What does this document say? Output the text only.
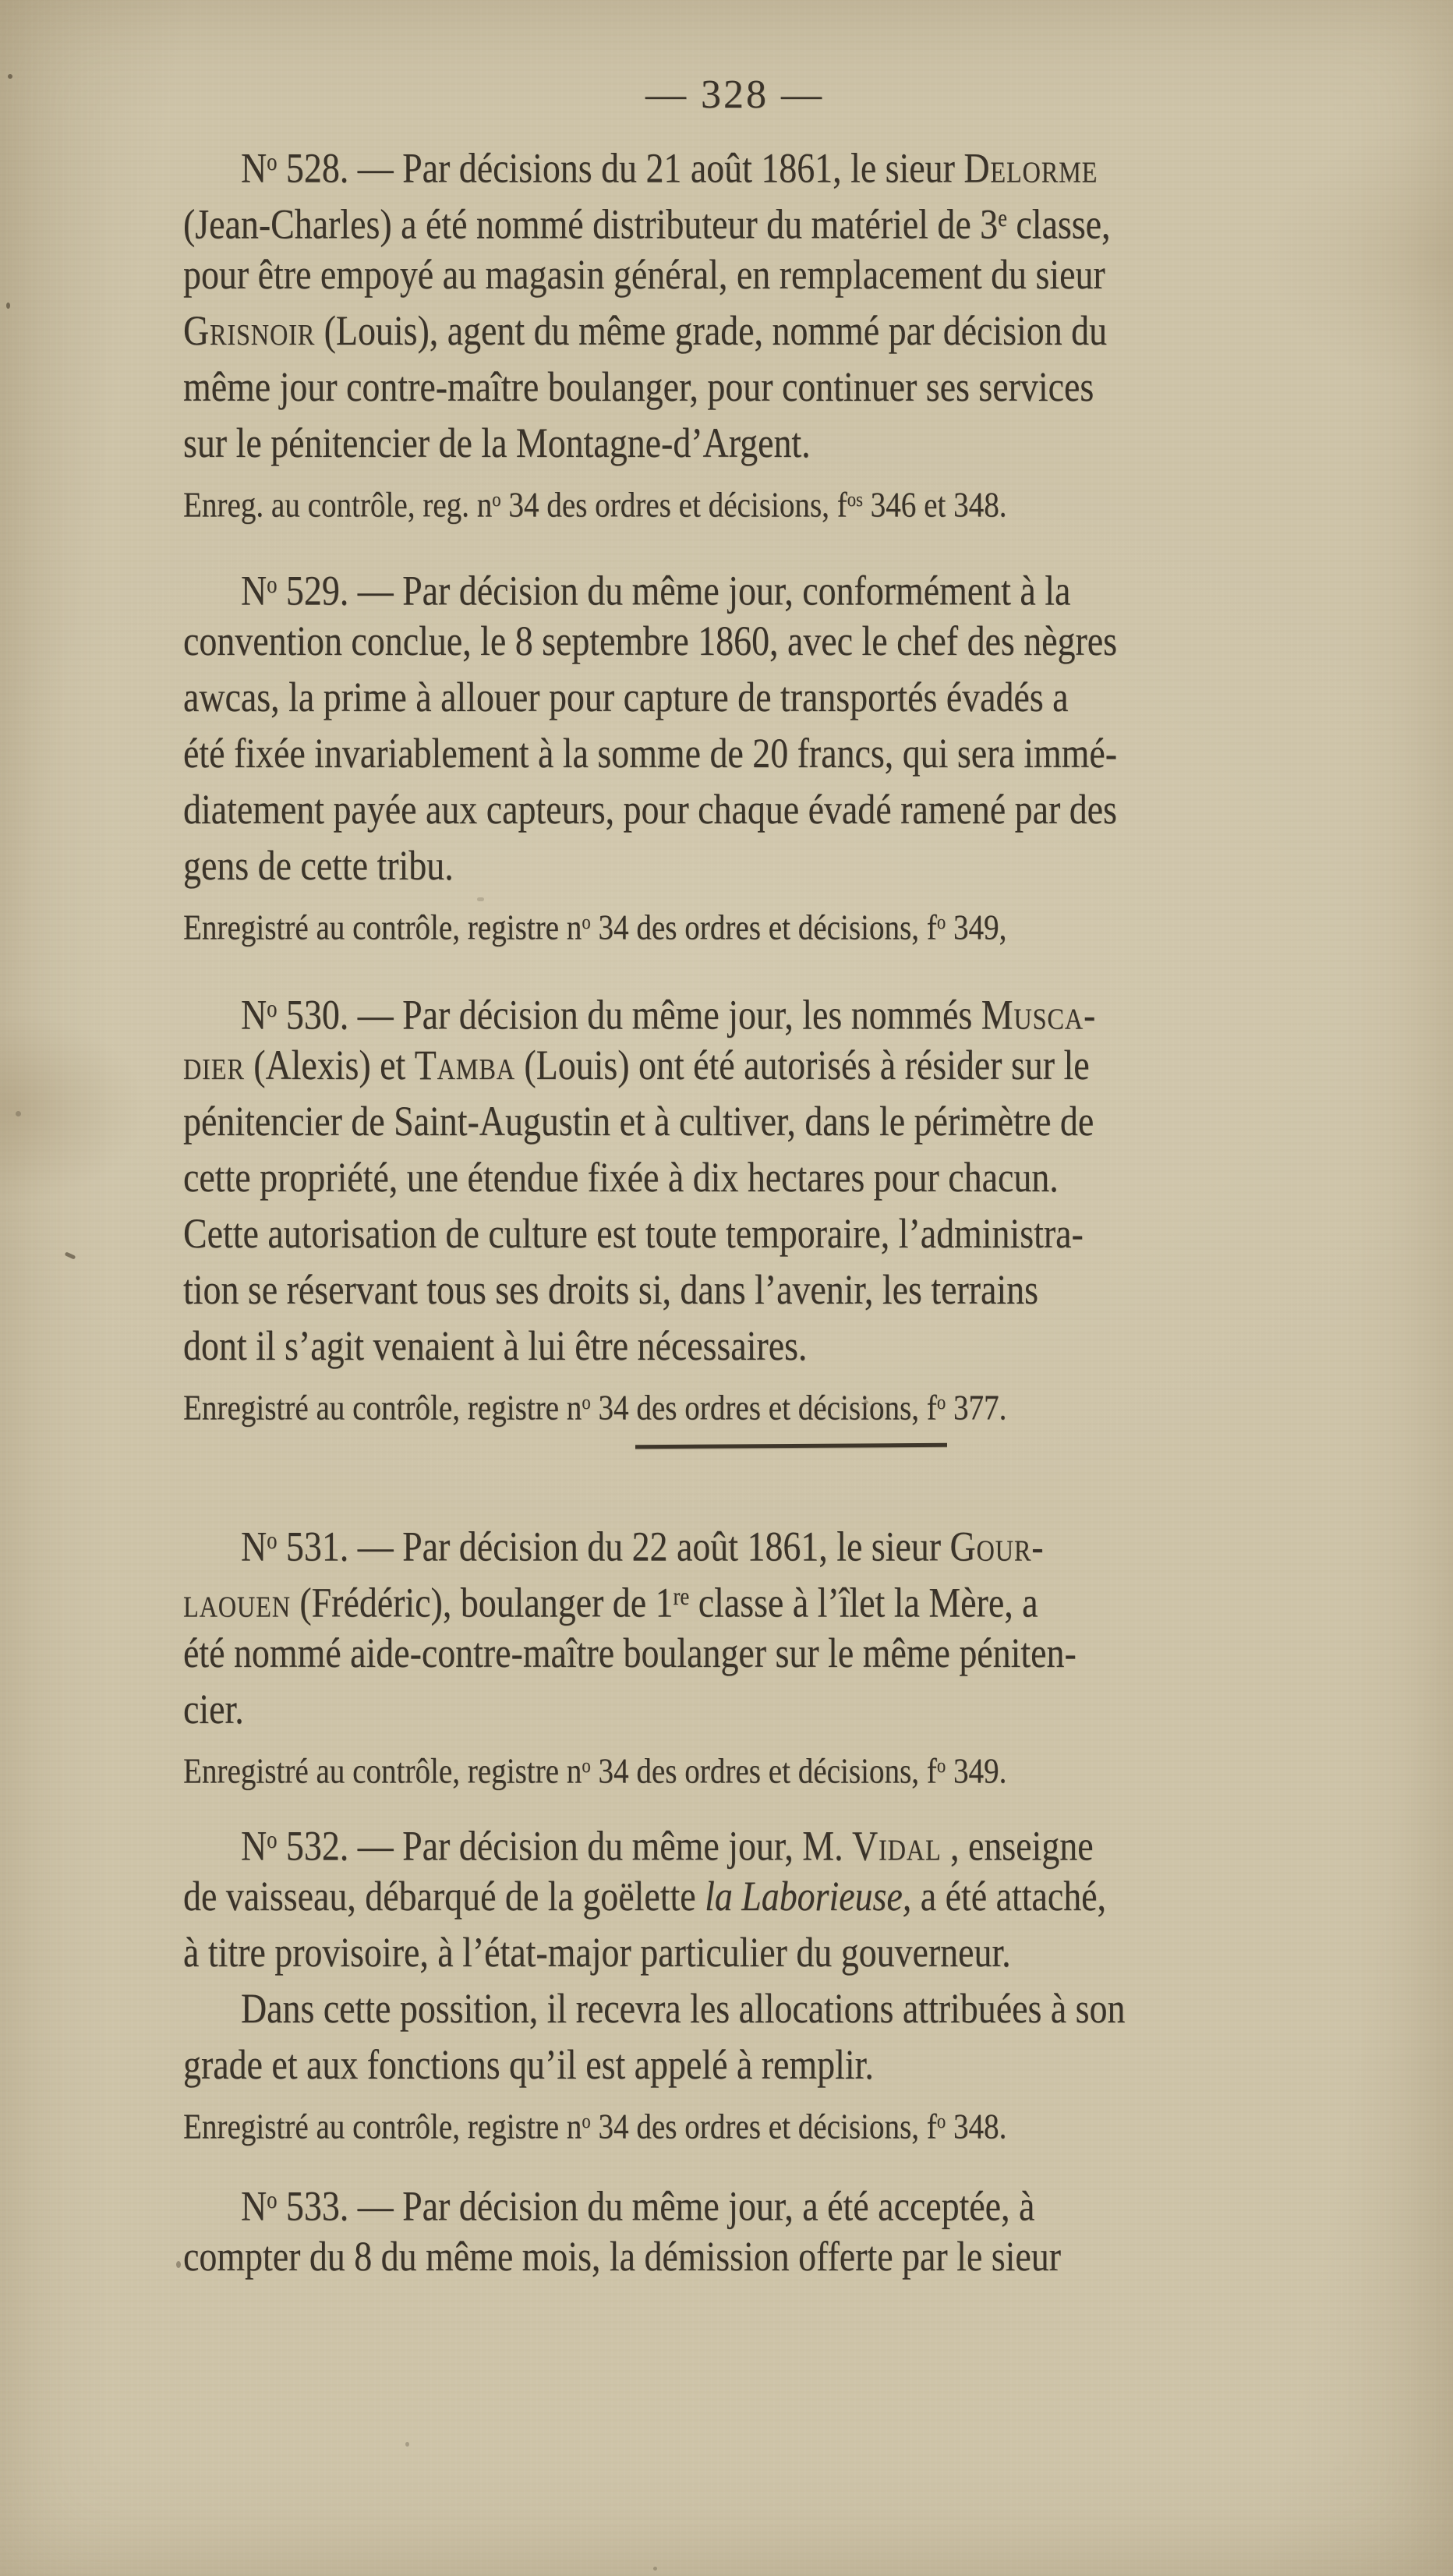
— 328 —
$N^o$ 528. — Par décisions du 21 août 1861, le sieur Delorme
(Jean-Charles) a été nommé distributeur du matériel de 3e classe,
pour être empoyé au magasin général, en remplacement du sieur
Grisnoir (Louis), agent du même grade, nommé par décision du
même jour contre-maître boulanger, pour continuer ses services
sur le pénitencier de la Montagne-d’Argent.
Enreg. au contrôle, reg. $n^o$ 34 des ordres et décisions, $f^{os}$ 346 et 348.
$N^o$ 529. — Par décision du même jour, conformément à la
convention conclue, le 8 septembre 1860, avec le chef des nègres
awcas, la prime à allouer pour capture de transportés évadés a
été fixée invariablement à la somme de 20 francs, qui sera immé-
diatement payée aux capteurs, pour chaque évadé ramené par des
gens de cette tribu.
Enregistré au contrôle, registre $n^o$ 34 des ordres et décisions, $f^o$ 349,
$N^o$ 530. — Par décision du même jour, les nommés Musca-
dier (Alexis) et Tamba (Louis) ont été autorisés à résider sur le
pénitencier de Saint-Augustin et à cultiver, dans le périmètre de
cette propriété, une étendue fixée à dix hectares pour chacun.
Cette autorisation de culture est toute temporaire, l’administra-
tion se réservant tous ses droits si, dans l’avenir, les terrains
dont il s’agit venaient à lui être nécessaires.
Enregistré au contrôle, registre $n^o$ 34 des ordres et décisions, $f^o$ 377.
$N^o$ 531. — Par décision du 22 août 1861, le sieur Gour-
laouen (Frédéric), boulanger de 1re classe à l’îlet la Mère, a
été nommé aide-contre-maître boulanger sur le même péniten-
cier.
Enregistré au contrôle, registre $n^o$ 34 des ordres et décisions, $f^o$ 349.
$N^o$ 532. — Par décision du même jour, M. Vidal , enseigne
de vaisseau, débarqué de la goëlette la Laborieuse, a été attaché,
à titre provisoire, à l’état-major particulier du gouverneur.
Dans cette possition, il recevra les allocations attribuées à son
grade et aux fonctions qu’il est appelé à remplir.
Enregistré au contrôle, registre $n^o$ 34 des ordres et décisions, $f^o$ 348.
$N^o$ 533. — Par décision du même jour, a été acceptée, à
compter du 8 du même mois, la démission offerte par le sieur
